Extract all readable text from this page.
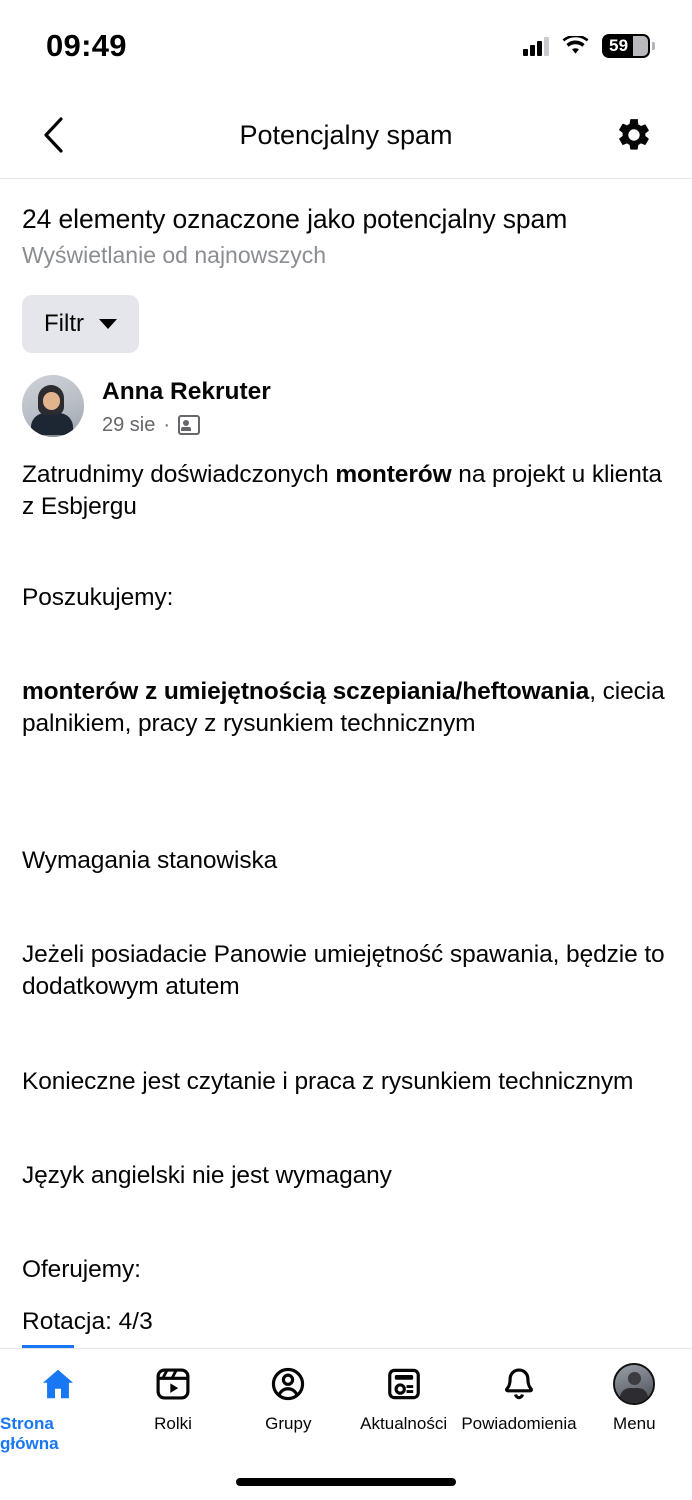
09:49	59
Potencjalny spam
24 elementy oznaczone jako potencjalny spam
Wyświetlanie od najnowszych
Filtr
Anna Rekruter
29 sie ·

Zatrudnimy doświadczonych monterów na projekt u klienta z Esbjergu

Poszukujemy:

monterów z umiejętnością sczepiania/heftowania, ciecia palnikiem, pracy z rysunkiem technicznym

Wymagania stanowiska

Jeżeli posiadacie Panowie umiejętność spawania, będzie to dodatkowym atutem

Konieczne jest czytanie i praca z rysunkiem technicznym

Język angielski nie jest wymagany

Oferujemy:

Rotacja: 4/3

Strona główna
Rolki	Grupy	Aktualności Powiadomienia Menu
